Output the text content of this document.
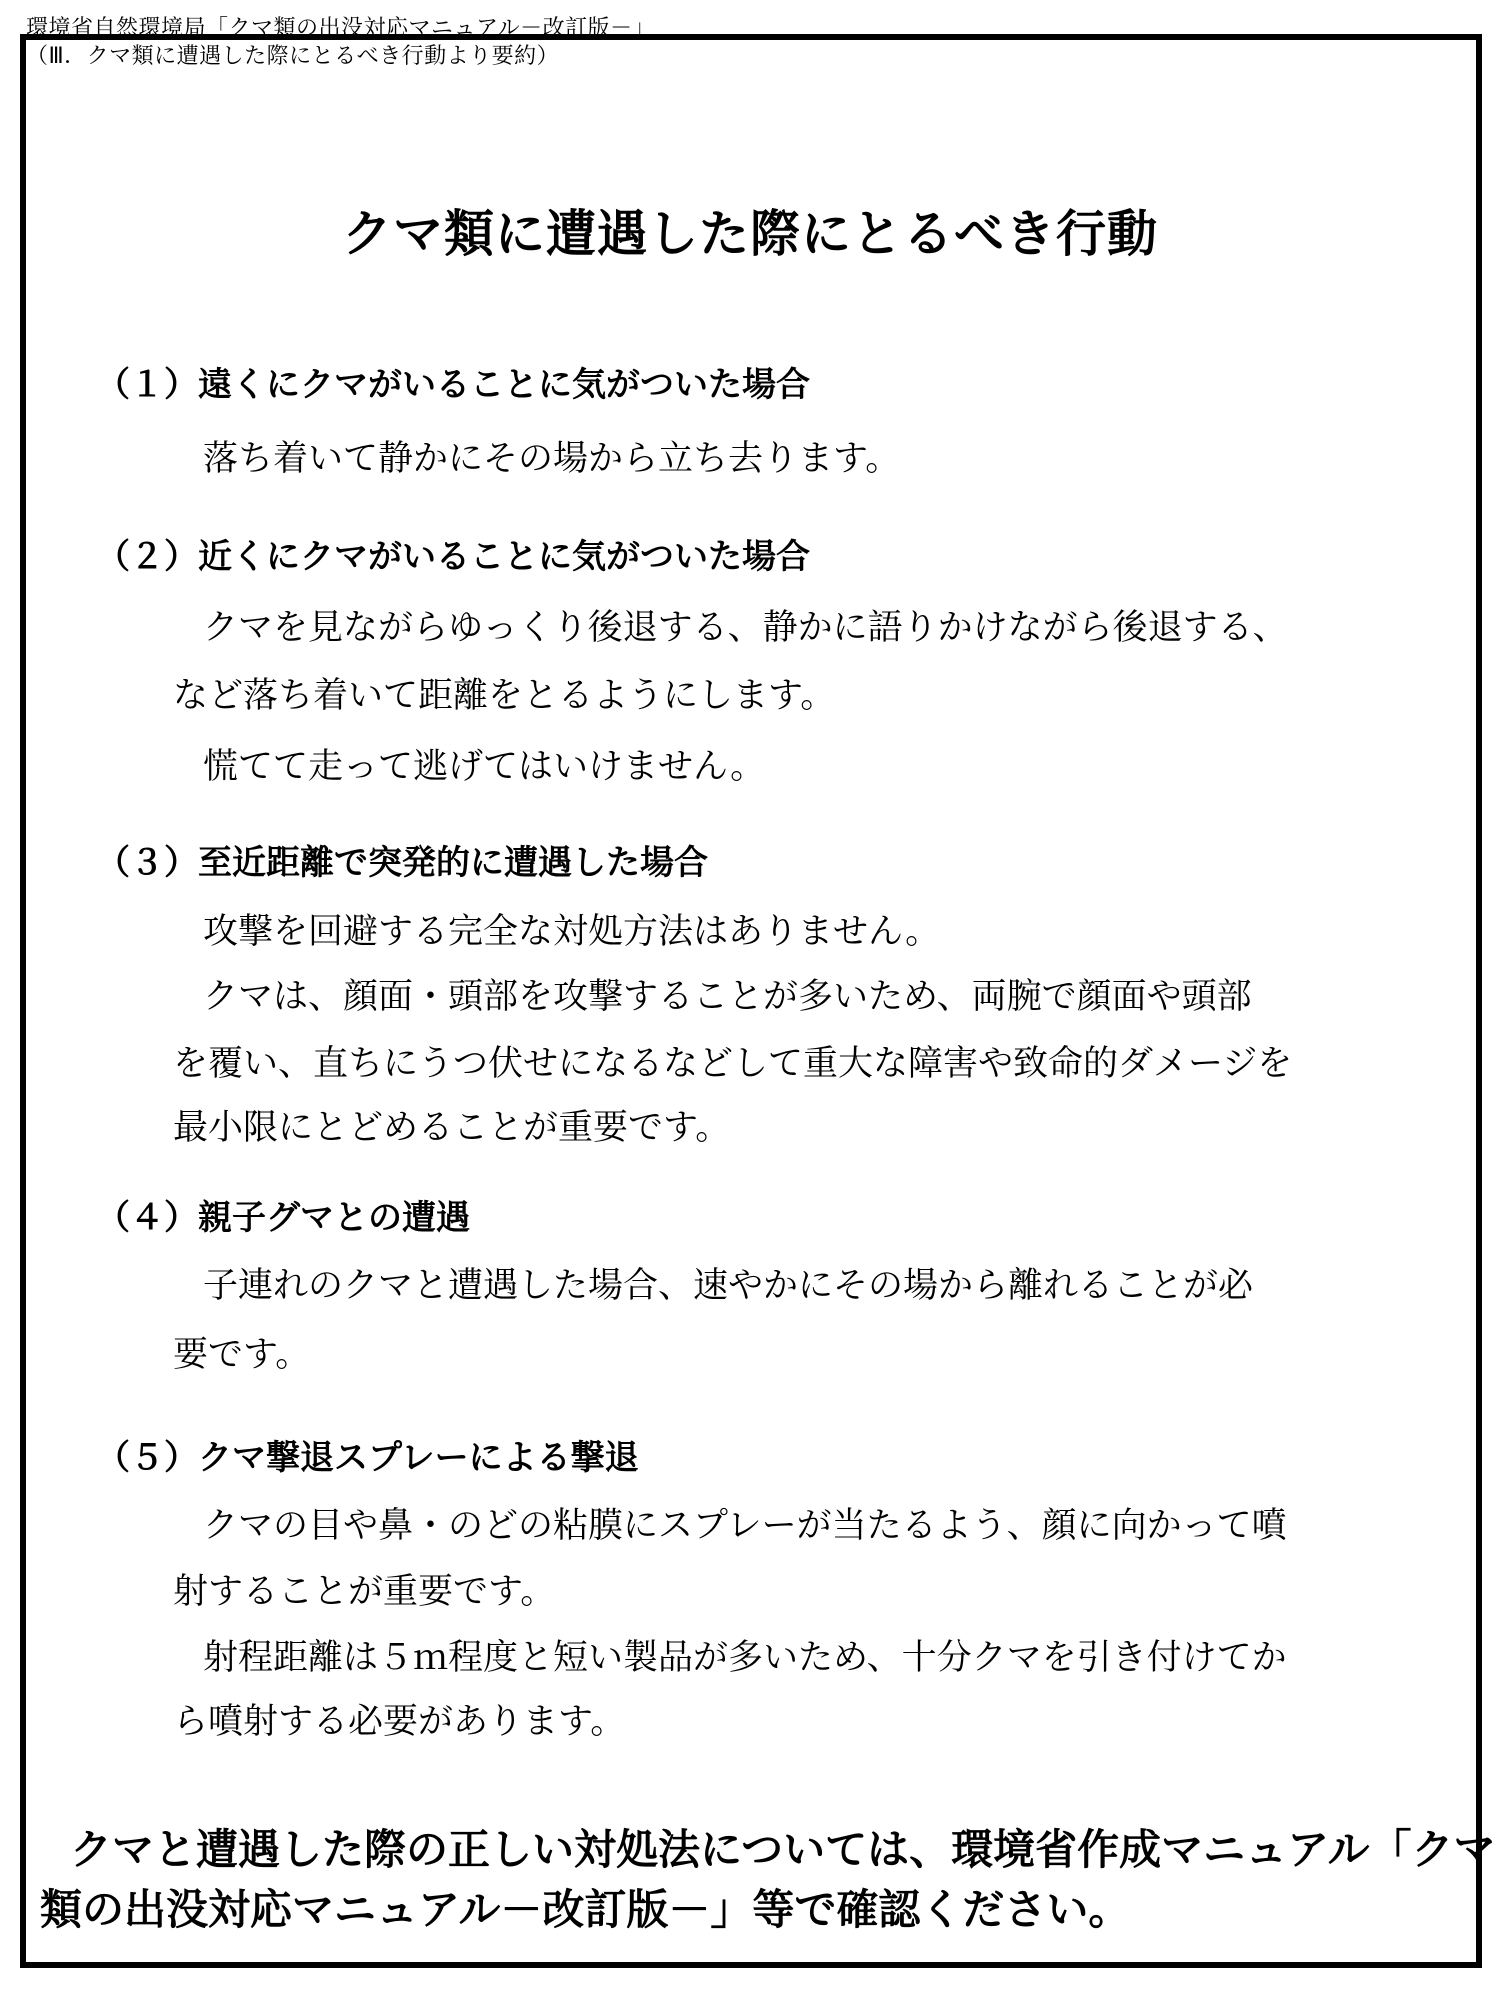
環境省自然環境局「クマ類の出没対応マニュアル－改訂版－」
（Ⅲ．クマ類に遭遇した際にとるべき行動より要約）
クマ類に遭遇した際にとるべき行動
（１）遠くにクマがいることに気がついた場合
落ち着いて静かにその場から立ち去ります。
（２）近くにクマがいることに気がついた場合
クマを見ながらゆっくり後退する、静かに語りかけながら後退する、
など落ち着いて距離をとるようにします。
慌てて走って逃げてはいけません。
（３）至近距離で突発的に遭遇した場合
攻撃を回避する完全な対処方法はありません。
クマは、顔面・頭部を攻撃することが多いため、両腕で顔面や頭部
を覆い、直ちにうつ伏せになるなどして重大な障害や致命的ダメージを
最小限にとどめることが重要です。
（４）親子グマとの遭遇
子連れのクマと遭遇した場合、速やかにその場から離れることが必
要です。
（５）クマ撃退スプレーによる撃退
クマの目や鼻・のどの粘膜にスプレーが当たるよう、顔に向かって噴
射することが重要です。
射程距離は５ｍ程度と短い製品が多いため、十分クマを引き付けてか
ら噴射する必要があります。
クマと遭遇した際の正しい対処法については、環境省作成マニュアル「クマ
類の出没対応マニュアル－改訂版－」等で確認ください。
